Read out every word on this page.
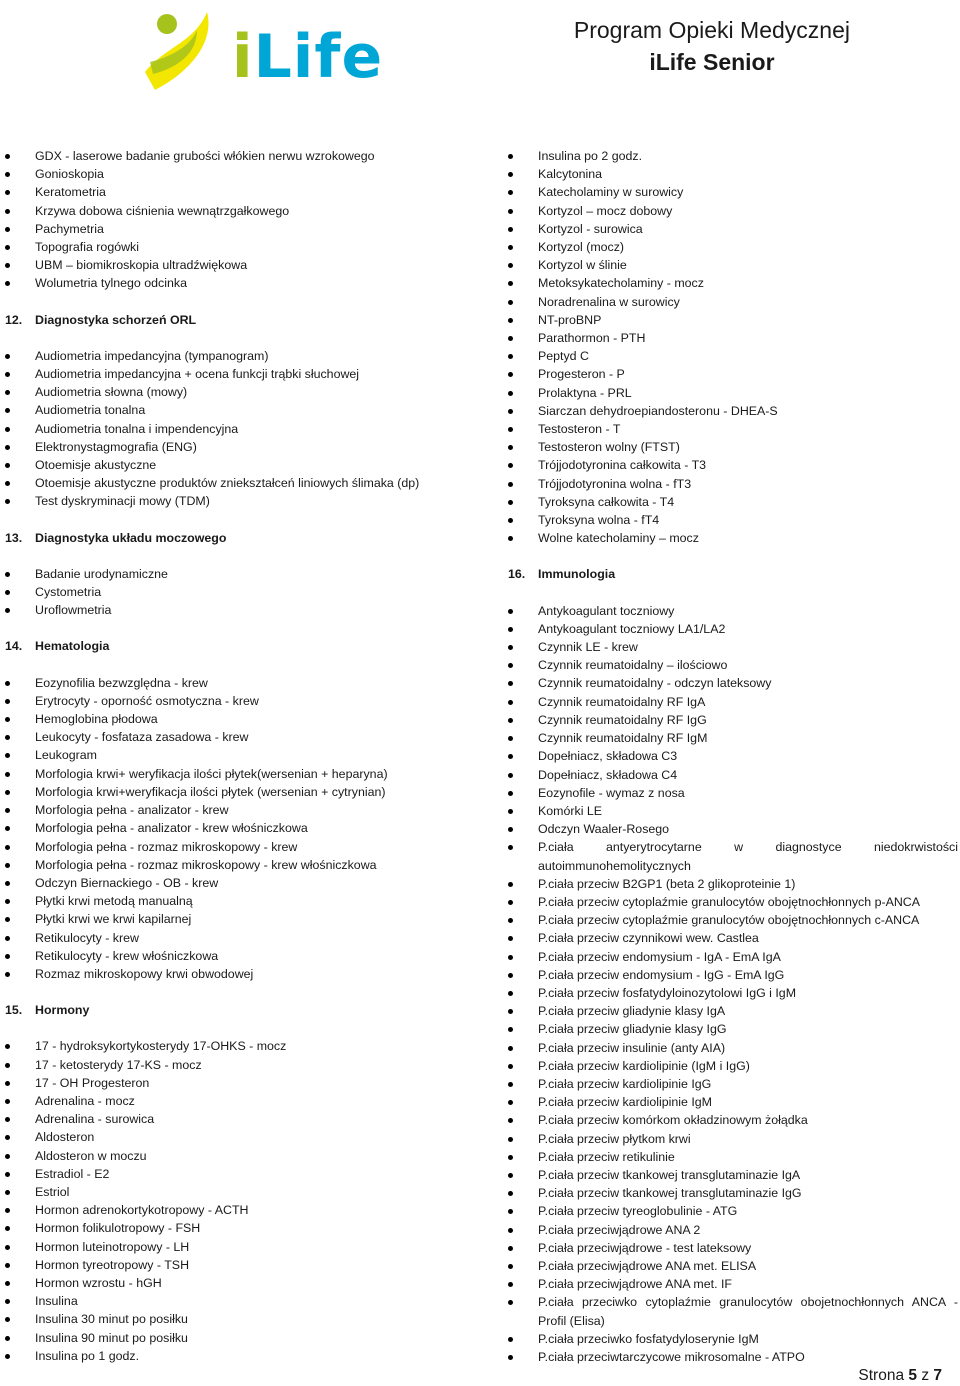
iLife	Program Opieki Medycznej
iLife Senior
GDX - laserowe badanie grubości włókien nerwu wzrokowego
Gonioskopia
Keratometria
Krzywa dobowa ciśnienia wewnątrzgałkowego
Pachymetria
Topografia rogówki
UBM – biomikroskopia ultradźwiękowa
Wolumetria tylnego odcinka
12. Diagnostyka schorzeń ORL
Audiometria impedancyjna (tympanogram)
Audiometria impedancyjna + ocena funkcji trąbki słuchowej
Audiometria słowna (mowy)
Audiometria tonalna
Audiometria tonalna i impendencyjna
Elektronystagmografia (ENG)
Otoemisje akustyczne
Otoemisje akustyczne produktów zniekształceń liniowych ślimaka (dp)
Test dyskryminacji mowy (TDM)
13. Diagnostyka układu moczowego
Badanie urodynamiczne
Cystometria
Uroflowmetria
14. Hematologia
Eozynofilia bezwzględna - krew
Erytrocyty - oporność osmotyczna - krew
Hemoglobina płodowa
Leukocyty - fosfataza zasadowa - krew
Leukogram
Morfologia krwi+ weryfikacja ilości płytek(wersenian + heparyna)
Morfologia krwi+weryfikacja ilości płytek (wersenian + cytrynian)
Morfologia pełna - analizator - krew
Morfologia pełna - analizator - krew włośniczkowa
Morfologia pełna - rozmaz mikroskopowy - krew
Morfologia pełna - rozmaz mikroskopowy - krew włośniczkowa
Odczyn Biernackiego - OB - krew
Płytki krwi metodą manualną
Płytki krwi we krwi kapilarnej
Retikulocyty - krew
Retikulocyty - krew włośniczkowa
Rozmaz mikroskopowy krwi obwodowej
15. Hormony
17 - hydroksykortykosterydy 17-OHKS - mocz
17 - ketosterydy 17-KS - mocz
17 - OH Progesteron
Adrenalina - mocz
Adrenalina - surowica
Aldosteron
Aldosteron w moczu
Estradiol - E2
Estriol
Hormon adrenokortykotropowy - ACTH
Hormon folikulotropowy - FSH
Hormon luteinotropowy - LH
Hormon tyreotropowy - TSH
Hormon wzrostu - hGH
Insulina
Insulina 30 minut po posiłku
Insulina 90 minut po posiłku
Insulina po 1 godz.
Insulina po 2 godz.
Kalcytonina
Katecholaminy w surowicy
Kortyzol – mocz dobowy
Kortyzol - surowica
Kortyzol (mocz)
Kortyzol w ślinie
Metoksykatecholaminy - mocz
Noradrenalina w surowicy
NT-proBNP
Parathormon - PTH
Peptyd C
Progesteron - P
Prolaktyna - PRL
Siarczan dehydroepiandosteronu - DHEA-S
Testosteron - T
Testosteron wolny (FTST)
Trójjodotyronina całkowita - T3
Trójjodotyronina wolna - fT3
Tyroksyna całkowita - T4
Tyroksyna wolna - fT4
Wolne katecholaminy – mocz
16. Immunologia
Antykoagulant toczniowy
Antykoagulant toczniowy LA1/LA2
Czynnik LE - krew
Czynnik reumatoidalny – ilościowo
Czynnik reumatoidalny - odczyn lateksowy
Czynnik reumatoidalny RF IgA
Czynnik reumatoidalny RF IgG
Czynnik reumatoidalny RF IgM
Dopełniacz, składowa C3
Dopełniacz, składowa C4
Eozynofile - wymaz z nosa
Komórki LE
Odczyn Waaler-Rosego
P.ciała antyerytrocytarne w diagnostyce niedokrwistości autoimmunohemolitycznych
P.ciała przeciw B2GP1 (beta 2 glikoproteinie 1)
P.ciała przeciw cytoplaźmie granulocytów obojętnochłonnych p-ANCA
P.ciała przeciw cytoplaźmie granulocytów obojętnochłonnych c-ANCA
P.ciała przeciw czynnikowi wew. Castlea
P.ciała przeciw endomysium - IgA - EmA IgA
P.ciała przeciw endomysium - IgG - EmA IgG
P.ciała przeciw fosfatydyloinozytolowi IgG i IgM
P.ciała przeciw gliadynie klasy IgA
P.ciała przeciw gliadynie klasy IgG
P.ciała przeciw insulinie (anty AIA)
P.ciała przeciw kardiolipinie (IgM i IgG)
P.ciała przeciw kardiolipinie IgG
P.ciała przeciw kardiolipinie IgM
P.ciała przeciw komórkom okładzinowym żołądka
P.ciała przeciw płytkom krwi
P.ciała przeciw retikulinie
P.ciała przeciw tkankowej transglutaminazie IgA
P.ciała przeciw tkankowej transglutaminazie IgG
P.ciała przeciw tyreoglobulinie - ATG
P.ciała przeciwjądrowe ANA 2
P.ciała przeciwjądrowe - test lateksowy
P.ciała przeciwjądrowe ANA met. ELISA
P.ciała przeciwjądrowe ANA met. IF
P.ciała przeciwko cytoplaźmie granulocytów obojetnochłonnych ANCA - Profil (Elisa)
P.ciała przeciwko fosfatydyloserynie IgM
P.ciała przeciwtarczycowe mikrosomalne - ATPO
Strona 5 z 7
